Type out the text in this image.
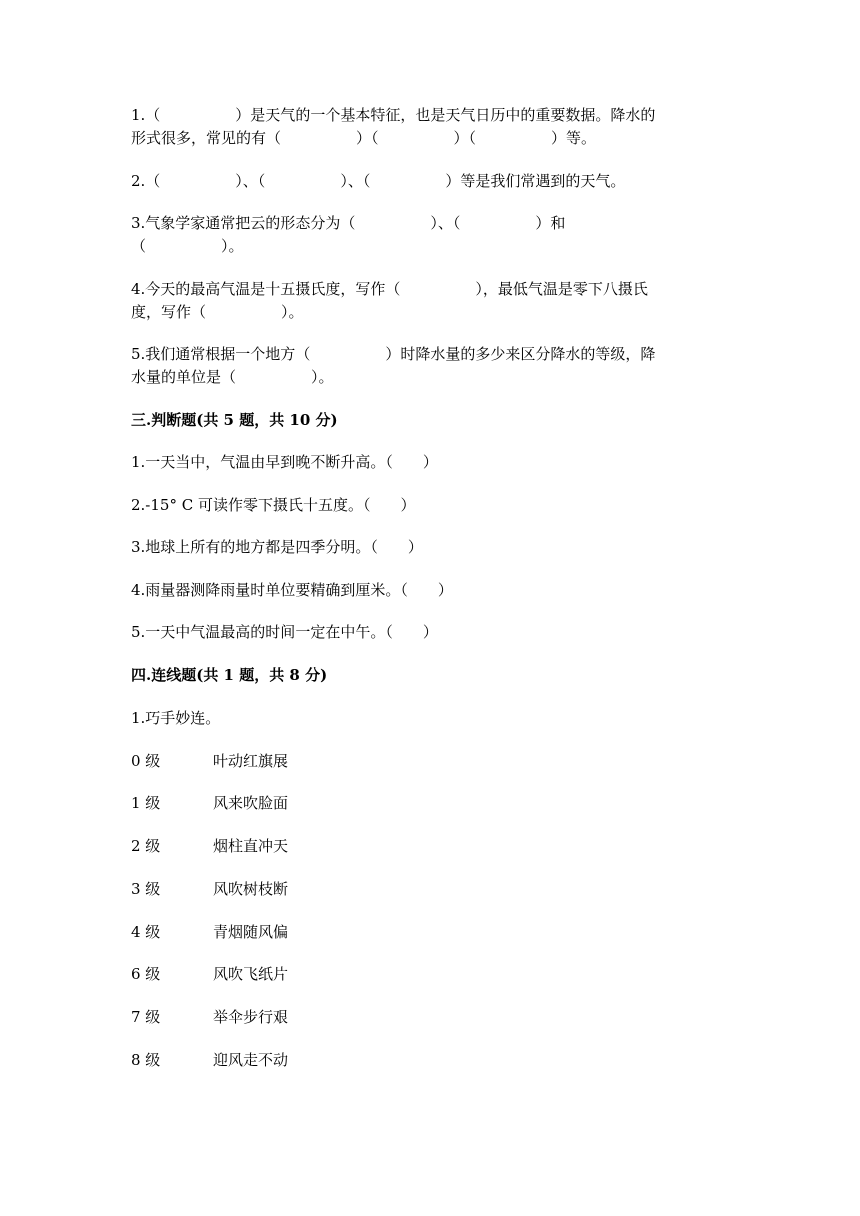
1.（　　　　　）是天气的一个基本特征，也是天气日历中的重要数据。降水的
形式很多，常见的有（　　　　　）（　　　　　）（　　　　　）等。
2.（　　　　　）、（　　　　　）、（　　　　　）等是我们常遇到的天气。
3.气象学家通常把云的形态分为（　　　　　）、（　　　　　）和
（　　　　　）。
4.今天的最高气温是十五摄氏度，写作（　　　　　），最低气温是零下八摄氏
度，写作（　　　　　）。
5.我们通常根据一个地方（　　　　　）时降水量的多少来区分降水的等级，降
水量的单位是（　　　　　）。
三.判断题(共 5 题，共 10 分)
1.一天当中，气温由早到晚不断升高。（　　）
2.-15° C 可读作零下摄氏十五度。（　　）
3.地球上所有的地方都是四季分明。（　　）
4.雨量器测降雨量时单位要精确到厘米。（　　）
5.一天中气温最高的时间一定在中午。（　　）
四.连线题(共 1 题，共 8 分)
1.巧手妙连。
0 级	叶动红旗展
1 级	风来吹脸面
2 级	烟柱直冲天
3 级	风吹树枝断
4 级	青烟随风偏
6 级	风吹飞纸片
7 级	举伞步行艰
8 级	迎风走不动
